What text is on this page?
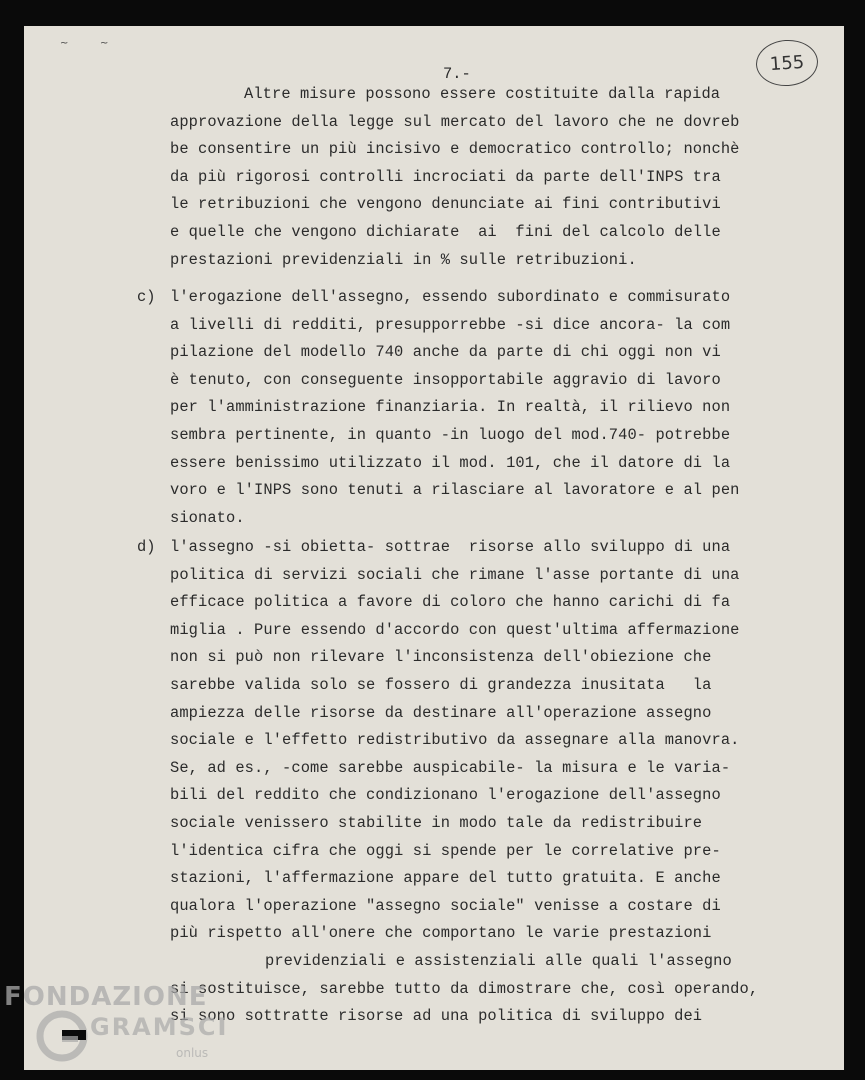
~	~
7.-	155
Altre misure possono essere costituite dalla rapida
approvazione della legge sul mercato del lavoro che ne dovreb
be consentire un più incisivo e democratico controllo; nonchè
da più rigorosi controlli incrociati da parte dell'INPS tra
le retribuzioni che vengono denunciate ai fini contributivi
e quelle che vengono dichiarate  ai  fini del calcolo delle
prestazioni previdenziali in % sulle retribuzioni.
c) l'erogazione dell'assegno, essendo subordinato e commisurato
a livelli di redditi, presupporrebbe -si dice ancora- la com
pilazione del modello 740 anche da parte di chi oggi non vi
è tenuto, con conseguente insopportabile aggravio di lavoro
per l'amministrazione finanziaria. In realtà, il rilievo non
sembra pertinente, in quanto -in luogo del mod.740- potrebbe
essere benissimo utilizzato il mod. 101, che il datore di la
voro e l'INPS sono tenuti a rilasciare al lavoratore e al pen
sionato.
d) l'assegno -si obietta- sottrae  risorse allo sviluppo di una
politica di servizi sociali che rimane l'asse portante di una
efficace politica a favore di coloro che hanno carichi di fa
miglia . Pure essendo d'accordo con quest'ultima affermazione
non si può non rilevare l'inconsistenza dell'obiezione che
sarebbe valida solo se fossero di grandezza inusitata   la
ampiezza delle risorse da destinare all'operazione assegno
sociale e l'effetto redistributivo da assegnare alla manovra.
Se, ad es., -come sarebbe auspicabile- la misura e le varia-
bili del reddito che condizionano l'erogazione dell'assegno
sociale venissero stabilite in modo tale da redistribuire
l'identica cifra che oggi si spende per le correlative pre-
stazioni, l'affermazione appare del tutto gratuita. E anche
qualora l'operazione "assegno sociale" venisse a costare di
più rispetto all'onere che comportano le varie prestazioni
previdenziali e assistenziali alle quali l'assegno
si sostituisce, sarebbe tutto da dimostrare che, così operando,
si sono sottratte risorse ad una politica di sviluppo dei
FONDAZIONE
GRAMSCI
onlus
